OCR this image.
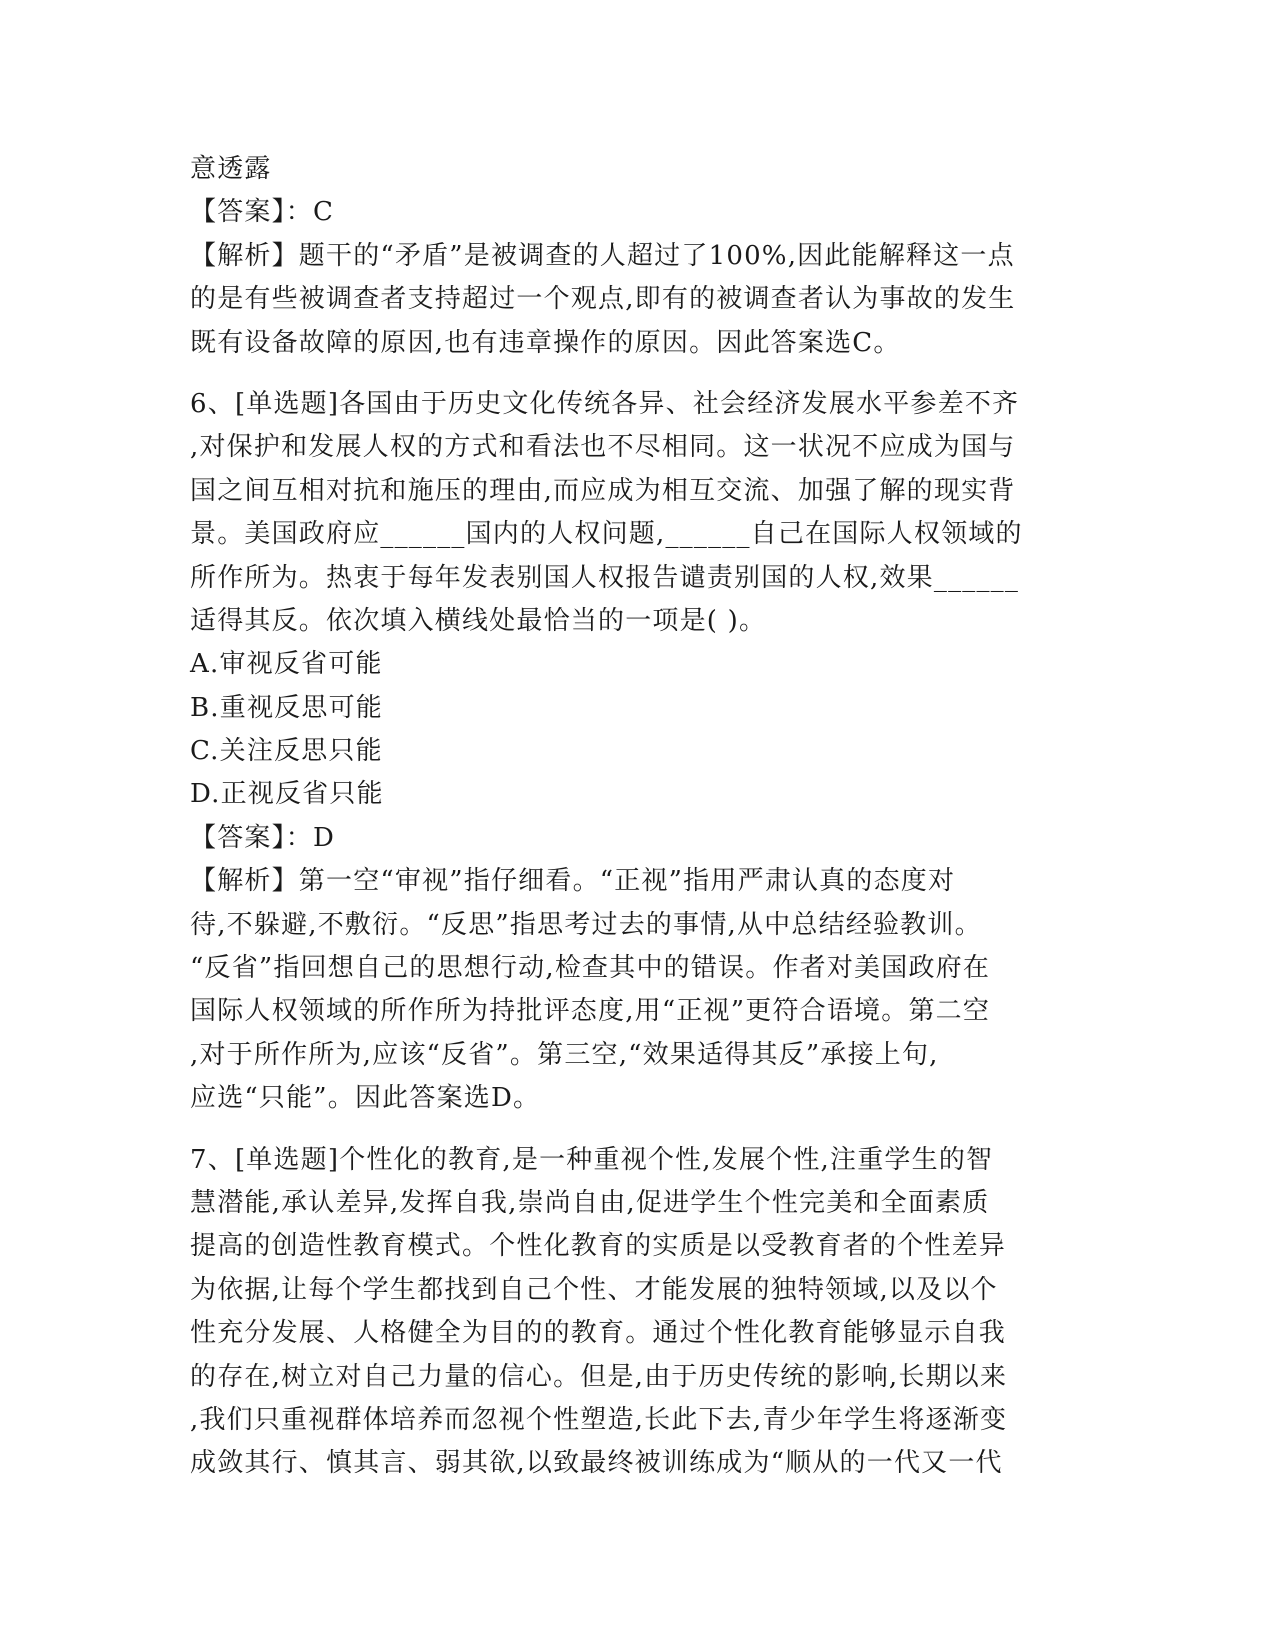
意透露
【答案】：C
【解析】题干的“矛盾”是被调查的人超过了100%,因此能解释这一点
的是有些被调查者支持超过一个观点,即有的被调查者认为事故的发生
既有设备故障的原因,也有违章操作的原因。因此答案选C。
6、[单选题]各国由于历史文化传统各异、社会经济发展水平参差不齐
,对保护和发展人权的方式和看法也不尽相同。这一状况不应成为国与
国之间互相对抗和施压的理由,而应成为相互交流、加强了解的现实背
景。美国政府应______国内的人权问题,______自己在国际人权领域的
所作所为。热衷于每年发表别国人权报告谴责别国的人权,效果______
适得其反。依次填入横线处最恰当的一项是( )。
A.审视反省可能
B.重视反思可能
C.关注反思只能
D.正视反省只能
【答案】：D
【解析】第一空“审视”指仔细看。“正视”指用严肃认真的态度对
待,不躲避,不敷衍。“反思”指思考过去的事情,从中总结经验教训。
“反省”指回想自己的思想行动,检查其中的错误。作者对美国政府在
国际人权领域的所作所为持批评态度,用“正视”更符合语境。第二空
,对于所作所为,应该“反省”。第三空,“效果适得其反”承接上句,
应选“只能”。因此答案选D。
7、[单选题]个性化的教育,是一种重视个性,发展个性,注重学生的智
慧潜能,承认差异,发挥自我,崇尚自由,促进学生个性完美和全面素质
提高的创造性教育模式。个性化教育的实质是以受教育者的个性差异
为依据,让每个学生都找到自己个性、才能发展的独特领域,以及以个
性充分发展、人格健全为目的的教育。通过个性化教育能够显示自我
的存在,树立对自己力量的信心。但是,由于历史传统的影响,长期以来
,我们只重视群体培养而忽视个性塑造,长此下去,青少年学生将逐渐变
成敛其行、慎其言、弱其欲,以致最终被训练成为“顺从的一代又一代
